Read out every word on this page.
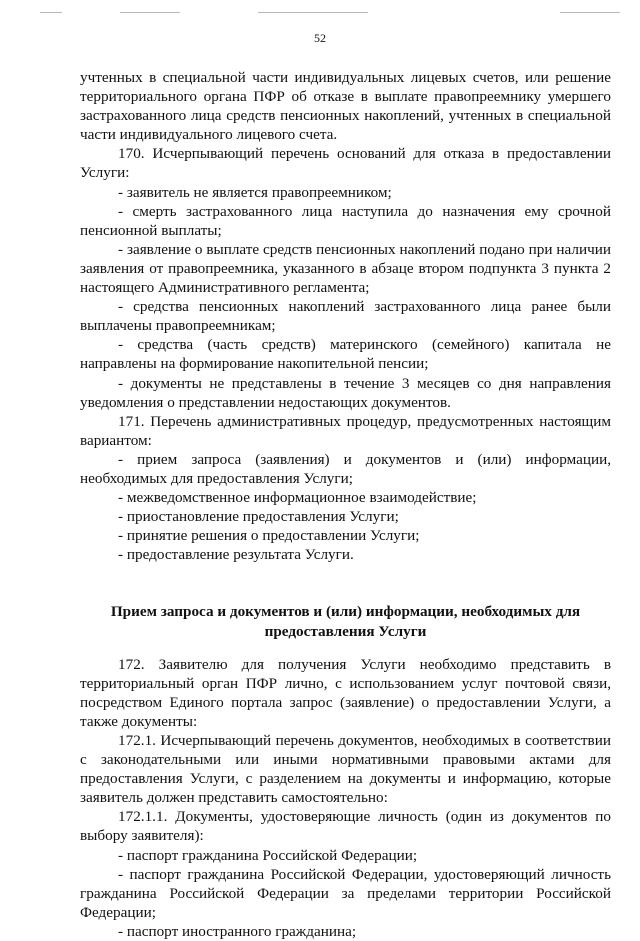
52

учтенных в специальной части индивидуальных лицевых счетов, или решение территориального органа ПФР об отказе в выплате правопреемнику умершего застрахованного лица средств пенсионных накоплений, учтенных в специальной части индивидуального лицевого счета.

170. Исчерпывающий перечень оснований для отказа в предоставлении Услуги:

- заявитель не является правопреемником;

- смерть застрахованного лица наступила до назначения ему срочной пенсионной выплаты;

- заявление о выплате средств пенсионных накоплений подано при наличии заявления от правопреемника, указанного в абзаце втором подпункта 3 пункта 2 настоящего Административного регламента;

- средства пенсионных накоплений застрахованного лица ранее были выплачены правопреемникам;

- средства (часть средств) материнского (семейного) капитала не направлены на формирование накопительной пенсии;

- документы не представлены в течение 3 месяцев со дня направления уведомления о представлении недостающих документов.

171. Перечень административных процедур, предусмотренных настоящим вариантом:

- прием запроса (заявления) и документов и (или) информации, необходимых для предоставления Услуги;

- межведомственное информационное взаимодействие;

- приостановление предоставления Услуги;

- принятие решения о предоставлении Услуги;

- предоставление результата Услуги.

Прием запроса и документов и (или) информации, необходимых для предоставления Услуги

172. Заявителю для получения Услуги необходимо представить в территориальный орган ПФР лично, с использованием услуг почтовой связи, посредством Единого портала запрос (заявление) о предоставлении Услуги, а также документы:

172.1. Исчерпывающий перечень документов, необходимых в соответствии с законодательными или иными нормативными правовыми актами для предоставления Услуги, с разделением на документы и информацию, которые заявитель должен представить самостоятельно:

172.1.1. Документы, удостоверяющие личность (один из документов по выбору заявителя):

- паспорт гражданина Российской Федерации;

- паспорт гражданина Российской Федерации, удостоверяющий личность гражданина Российской Федерации за пределами территории Российской Федерации;

- паспорт иностранного гражданина;
